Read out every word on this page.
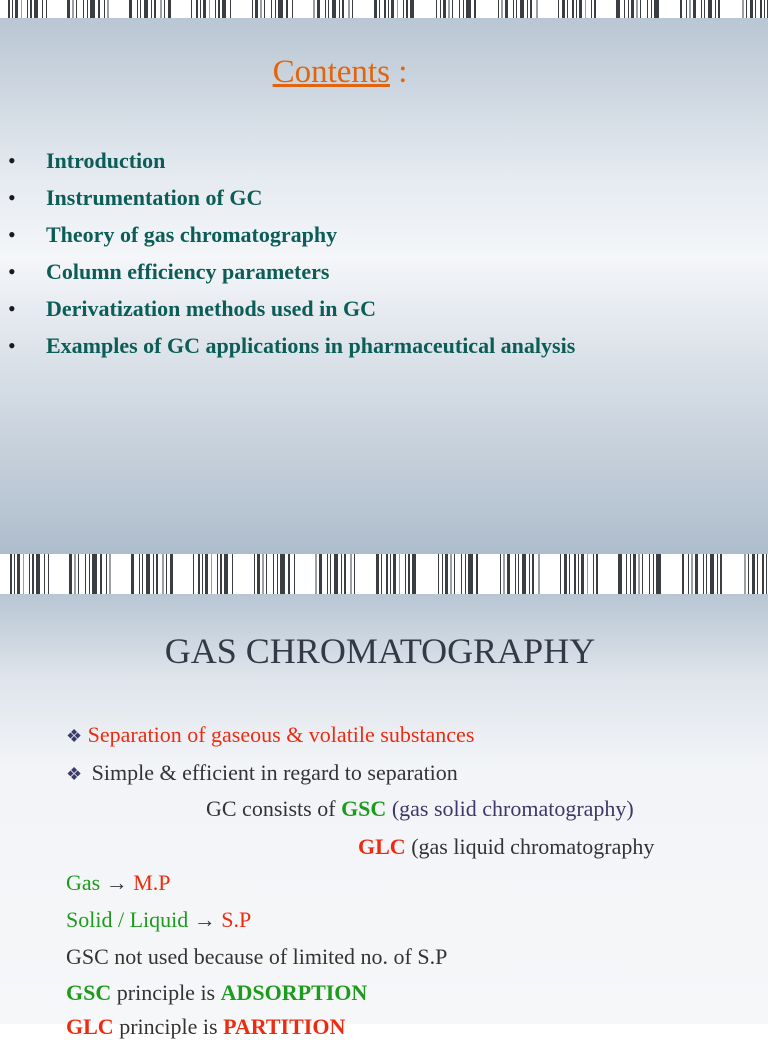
Contents :
• Introduction
• Instrumentation of GC
• Theory of gas chromatography
• Column efficiency parameters
• Derivatization methods used in GC
• Examples of GC applications in pharmaceutical analysis
GAS CHROMATOGRAPHY
❖ Separation of gaseous & volatile substances
❖ Simple & efficient in regard to separation
GC consists of GSC (gas solid chromatography)
GLC (gas liquid chromatography
Gas → M.P
Solid / Liquid → S.P
GSC not used because of limited no. of S.P
GSC principle is ADSORPTION
GLC principle is PARTITION
